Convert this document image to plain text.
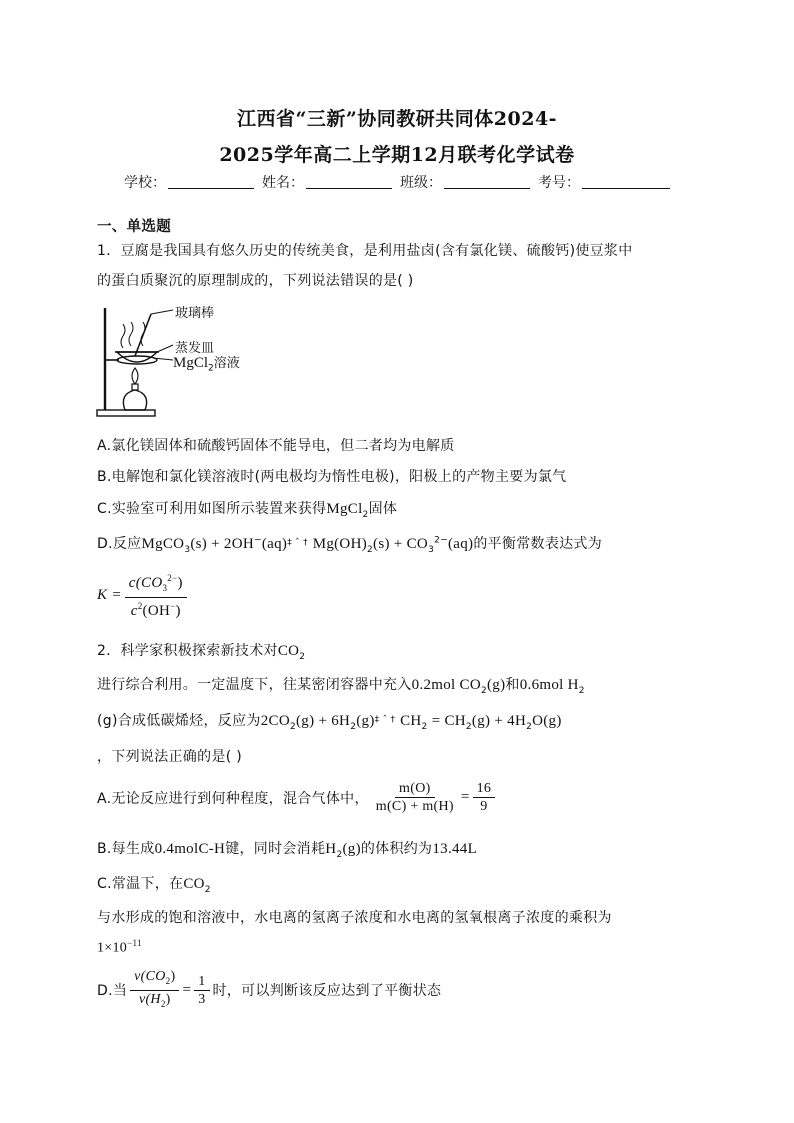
江西省“三新”协同教研共同体2024-
2025学年高二上学期12月联考化学试卷
学校：	姓名：	班级：	考号：
一、单选题
1．豆腐是我国具有悠久历史的传统美食，是利用盐卤(含有氯化镁、硫酸钙)使豆浆中
的蛋白质聚沉的原理制成的，下列说法错误的是( )
玻璃棒
蒸发皿
MgCl$_2$溶液
A.氯化镁固体和硫酸钙固体不能导电，但二者均为电解质
B.电解饱和氯化镁溶液时(两电极均为惰性电极)，阳极上的产物主要为氯气
C.实验室可利用如图所示装置来获得MgCl$_2$固体
D.反应MgCO$_3$(s) + 2OH−(aq)$^{\ddagger ˆ \dagger}$ $Mg(OH)_2(s) + CO_3^{2-}(aq)$的平衡常数表达式为
$K = \frac{c(CO_3^{2-})}{c^2(OH^-)}$
2．科学家积极探索新技术对$CO_2$
进行综合利用。一定温度下，往某密闭容器中充入0.2mol $CO_2(g)$和0.6mol $H_2$
(g)合成低碳烯烃，反应为$2CO_2(g) + 6H_2(g)^{\ddagger ˆ \dagger}$ $CH_2 = CH_2(g) + 4H_2O(g)$
，下列说法正确的是( )
A.无论反应进行到何种程度，混合气体中， $\frac{m(O)}{m(C) + m(H)} = \frac{16}{9}$
B.每生成0.4molC-H键，同时会消耗$H_2(g)$的体积约为13.44L
C.常温下，在$CO_2$
与水形成的饱和溶液中，水电离的氢离子浓度和水电离的氢氧根离子浓度的乘积为
$1\times 10^{-11}$
D.当 $\frac{v(CO_2)}{v(H_2)} = \frac{1}{3}$ 时，可以判断该反应达到了平衡状态
